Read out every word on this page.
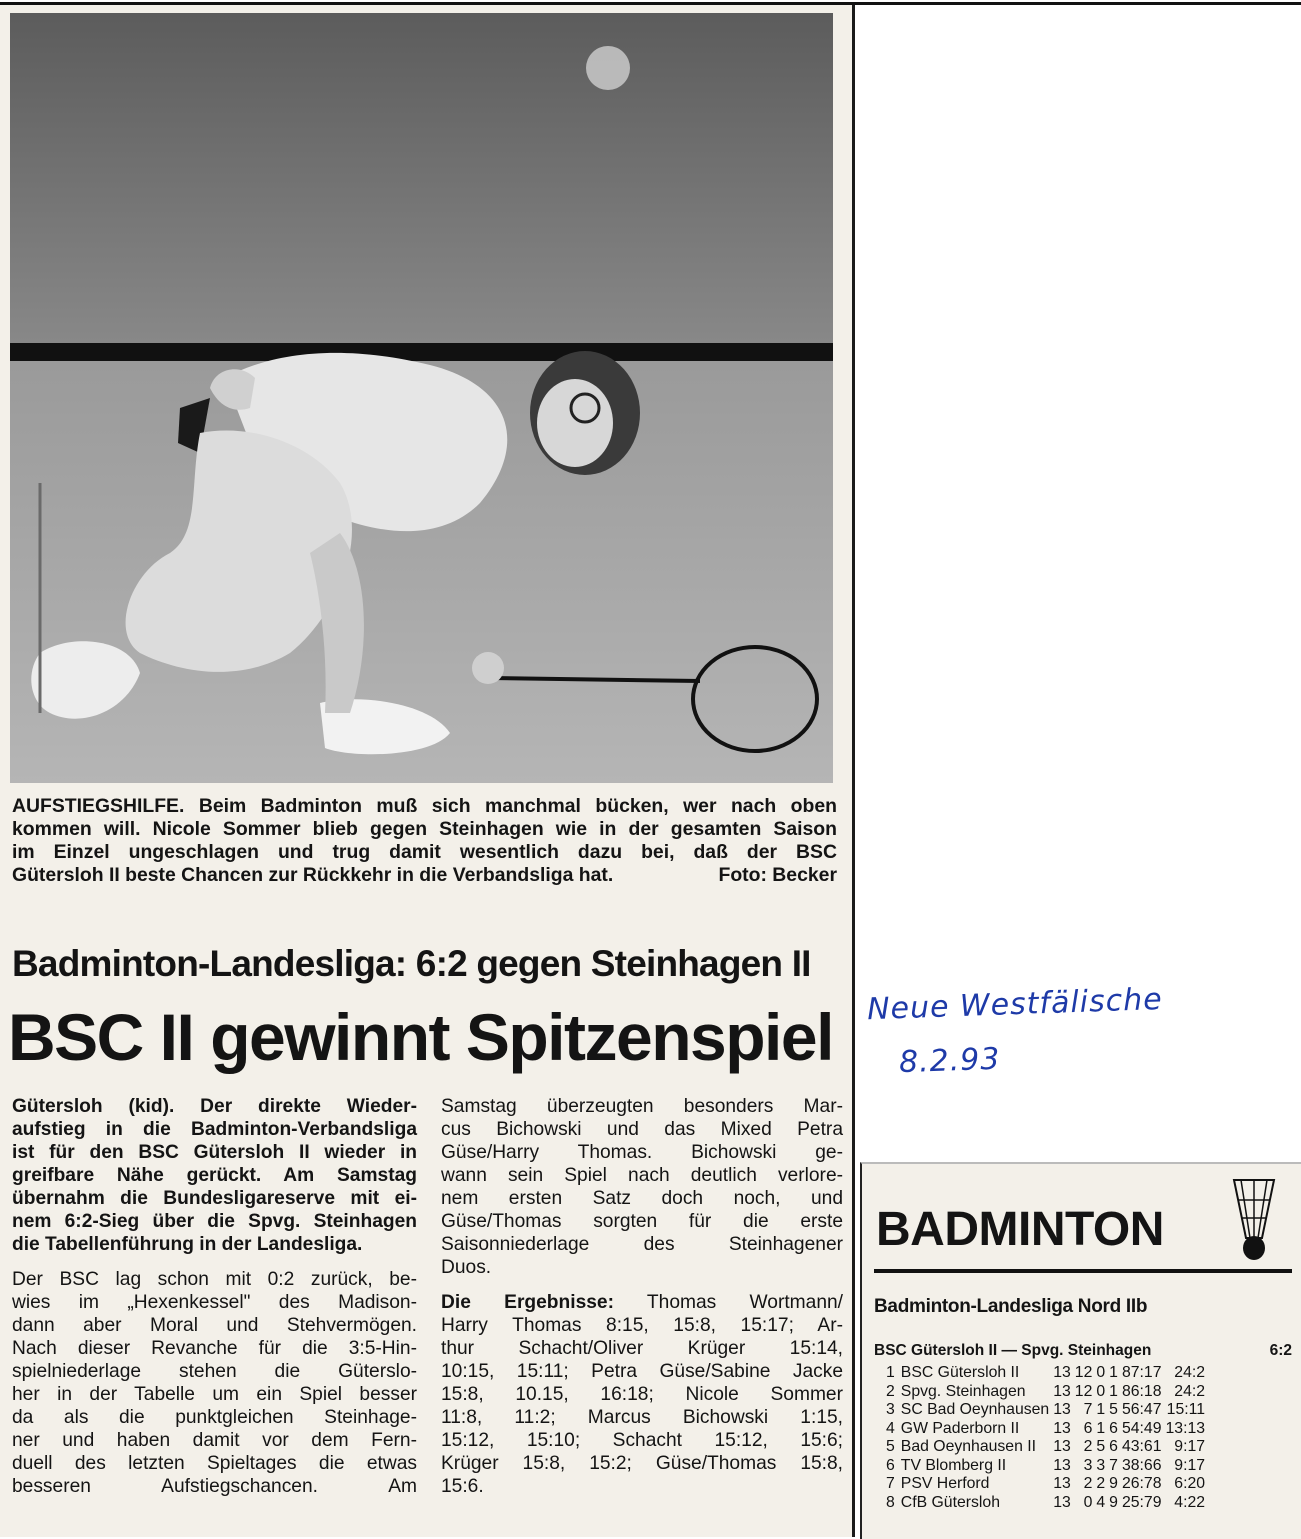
AUFSTIEGSHILFE. Beim Badminton muß sich manchmal bücken, wer nach oben
kommen will. Nicole Sommer blieb gegen Steinhagen wie in der gesamten Saison
im Einzel ungeschlagen und trug damit wesentlich dazu bei, daß der BSC
Gütersloh II beste Chancen zur Rückkehr in die Verbandsliga hat.	Foto: Becker

Badminton-Landesliga: 6:2 gegen Steinhagen II
BSC II gewinnt Spitzenspiel

Gütersloh (kid). Der direkte Wieder-
aufstieg in die Badminton-Verbandsliga
ist für den BSC Gütersloh II wieder in
greifbare Nähe gerückt. Am Samstag
übernahm die Bundesligareserve mit ei-
nem 6:2-Sieg über die Spvg. Steinhagen
die Tabellenführung in der Landesliga.

Der BSC lag schon mit 0:2 zurück, be-
wies im „Hexenkessel" des Madison-
dann aber Moral und Stehvermögen.
Nach dieser Revanche für die 3:5-Hin-
spielniederlage stehen die Güterslo-
her in der Tabelle um ein Spiel besser
da als die punktgleichen Steinhage-
ner und haben damit vor dem Fern-
duell des letzten Spieltages die etwas
besseren Aufstiegschancen. Am

Samstag überzeugten besonders Mar-
cus Bichowski und das Mixed Petra
Güse/Harry Thomas. Bichowski ge-
wann sein Spiel nach deutlich verlore-
nem ersten Satz doch noch, und
Güse/Thomas sorgten für die erste
Saisonniederlage des Steinhagener
Duos.

Die Ergebnisse: Thomas Wortmann/
Harry Thomas 8:15, 15:8, 15:17; Ar-
thur Schacht/Oliver Krüger 15:14,
10:15, 15:11; Petra Güse/Sabine Jacke
15:8, 10.15, 16:18; Nicole Sommer
11:8, 11:2; Marcus Bichowski 1:15,
15:12, 15:10; Schacht 15:12, 15:6;
Krüger 15:8, 15:2; Güse/Thomas 15:8,
15:6.

Neue Westfälische
8.2.93
BADMINTON

Badminton-Landesliga Nord IIb

BSC Gütersloh II — Spvg. Steinhagen	6:2

1	BSC Gütersloh II	13	12	0	1	87:17	24:2
2	Spvg. Steinhagen	13	12	0	1	86:18	24:2
3	SC Bad Oeynhausen	13	7	1	5	56:47	15:11
4	GW Paderborn II	13	6	1	6	54:49	13:13
5	Bad Oeynhausen II	13	2	5	6	43:61	9:17
6	TV Blomberg II	13	3	3	7	38:66	9:17
7	PSV Herford	13	2	2	9	26:78	6:20
8	CfB Gütersloh	13	0	4	9	25:79	4:22
